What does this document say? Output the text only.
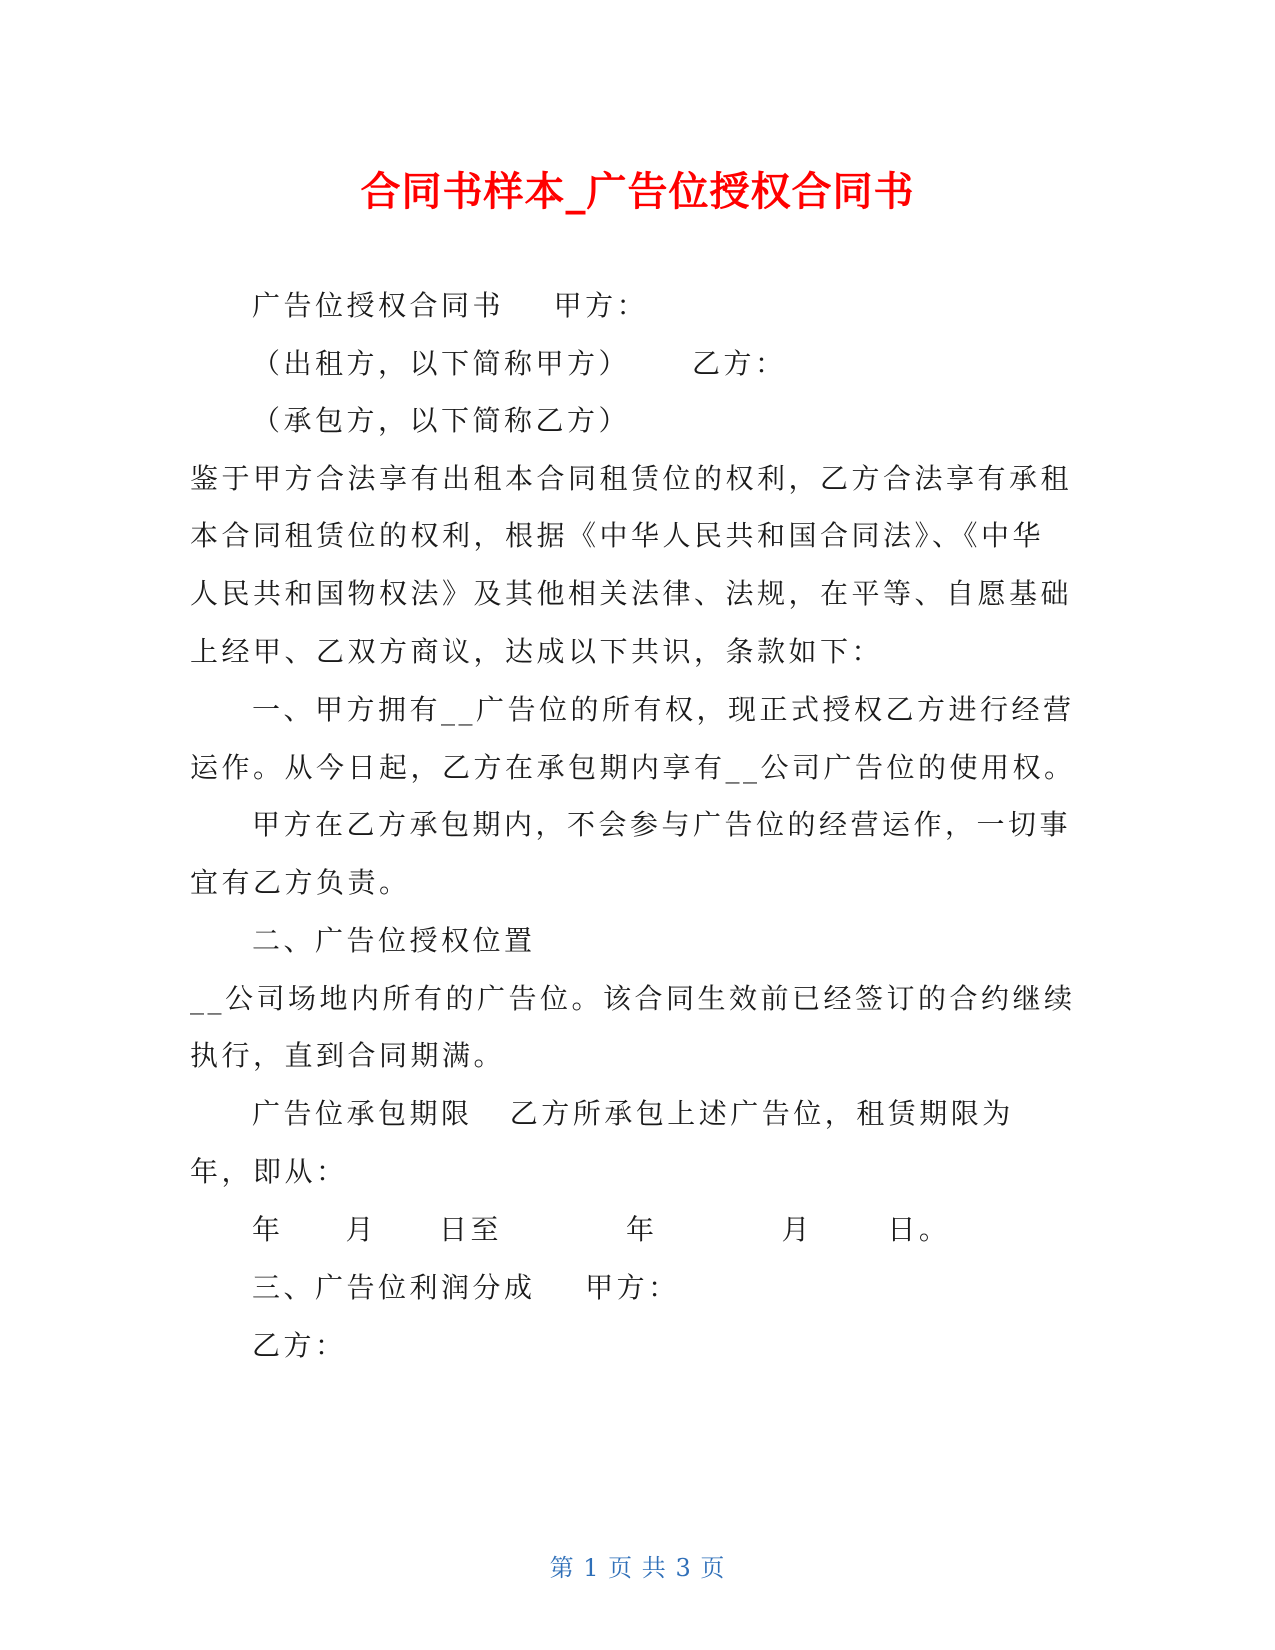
合同书样本_广告位授权合同书

广告位授权合同书    甲方：

（出租方，以下简称甲方）     乙方：

（承包方，以下简称乙方）

鉴于甲方合法享有出租本合同租赁位的权利，乙方合法享有承租

本合同租赁位的权利，根据《中华人民共和国合同法》、《中华

人民共和国物权法》及其他相关法律、法规，在平等、自愿基础

上经甲、乙双方商议，达成以下共识，条款如下：

一、甲方拥有__广告位的所有权，现正式授权乙方进行经营

运作。从今日起，乙方在承包期内享有__公司广告位的使用权。

甲方在乙方承包期内，不会参与广告位的经营运作，一切事

宜有乙方负责。

二、广告位授权位置

__公司场地内所有的广告位。该合同生效前已经签订的合约继续

执行，直到合同期满。

广告位承包期限   乙方所承包上述广告位，租赁期限为

年，即从：

年     月     日至          年          月      日。

三、广告位利润分成    甲方：

乙方：

第 1 页 共 3 页
